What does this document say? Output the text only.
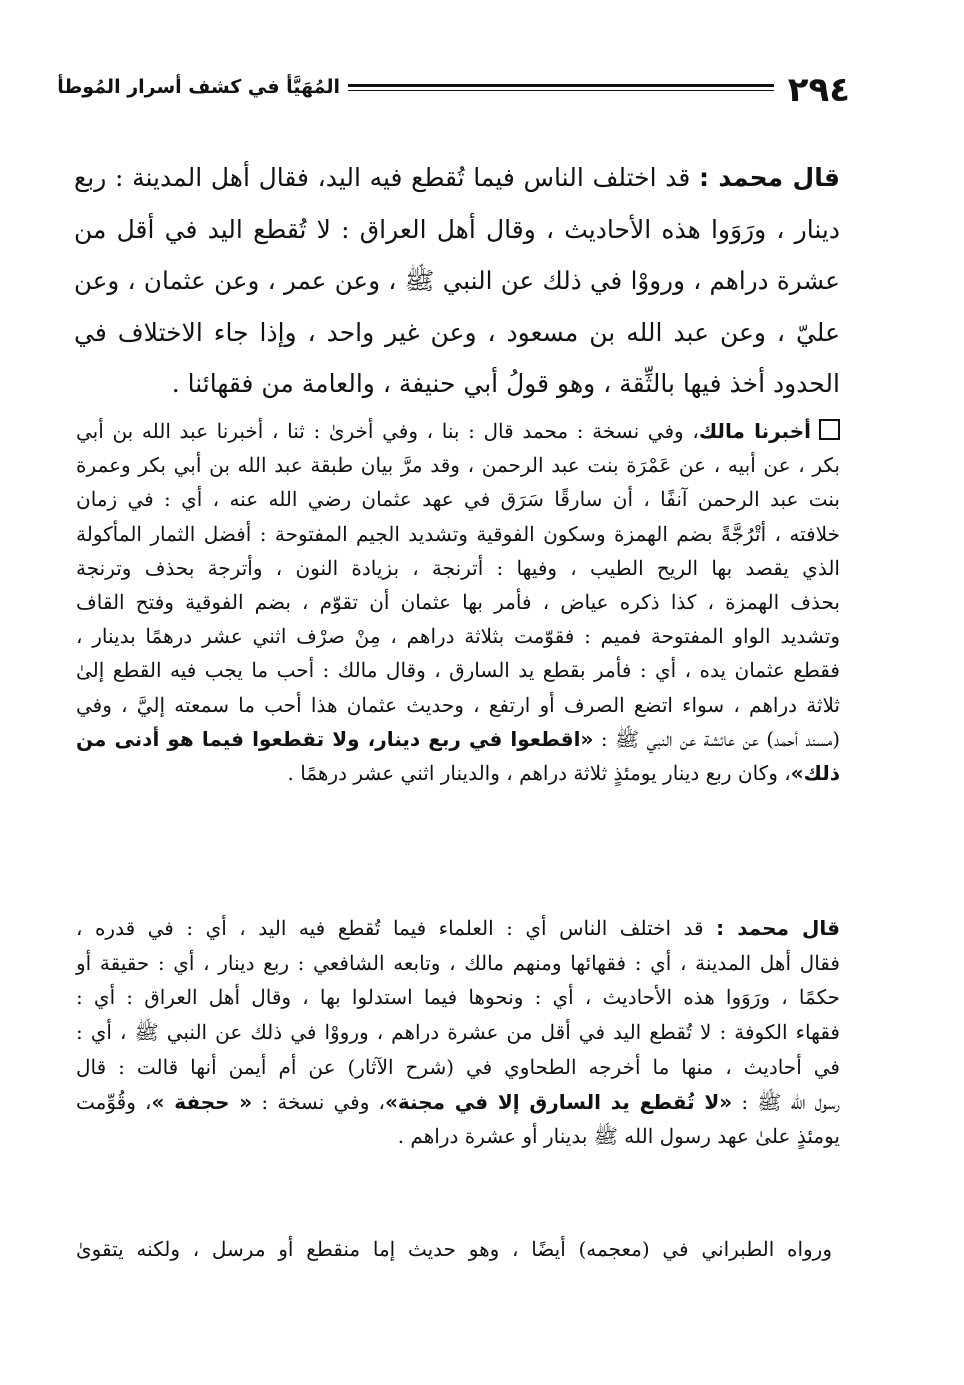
٢٩٤
المُهَيَّأ في كشف أسرار المُوطأ
قال محمد : قد اختلف الناس فيما تُقطع فيه اليد، فقال أهل المدينة : ربع
دينار ، ورَوَوا هذه الأحاديث ، وقال أهل العراق : لا تُقطع اليد في أقل من
عشرة دراهم ، ورووْا في ذلك عن النبي ﷺ ، وعن عمر ، وعن عثمان ، وعن
عليّ ، وعن عبد الله بن مسعود ، وعن غير واحد ، وإذا جاء الاختلاف في
الحدود أخذ فيها بالثِّقة ، وهو قولُ أبي حنيفة ، والعامة من فقهائنا .
أخبرنا مالك، وفي نسخة : محمد قال : بنا ، وفي أخرىٰ : ثنا ، أخبرنا عبد الله بن أبي
بكر ، عن أبيه ، عن عَمْرَة بنت عبد الرحمن ، وقد مرَّ بيان طبقة عبد الله بن أبي بكر وعمرة
بنت عبد الرحمن آنفًا ، أن سارقًا سَرَق في عهد عثمان رضي الله عنه ، أي : في زمان
خلافته ، أتْرُجَّةً بضم الهمزة وسكون الفوقية وتشديد الجيم المفتوحة : أفضل الثمار المأكولة
الذي يقصد بها الريح الطيب ، وفيها : أترنجة ، بزيادة النون ، وأترجة بحذف وترنجة
بحذف الهمزة ، كذا ذكره عياض ، فأمر بها عثمان أن تقوّم ، بضم الفوقية وفتح القاف
وتشديد الواو المفتوحة فميم : فقوّمت بثلاثة دراهم ، مِنْ صرْف اثني عشر درهمًا بدينار ،
فقطع عثمان يده ، أي : فأمر بقطع يد السارق ، وقال مالك : أحب ما يجب فيه القطع إلىٰ
ثلاثة دراهم ، سواء اتضع الصرف أو ارتفع ، وحديث عثمان هذا أحب ما سمعته إليَّ ، وفي
(مسند أحمد) عن عائشة عن النبي ﷺ : «اقطعوا في ربع دينار، ولا تقطعوا فيما هو أدنى من
ذلك»، وكان ربع دينار يومئذٍ ثلاثة دراهم ، والدينار اثني عشر درهمًا .
قال محمد : قد اختلف الناس أي : العلماء فيما تُقطع فيه اليد ، أي : في قدره ،
فقال أهل المدينة ، أي : فقهائها ومنهم مالك ، وتابعه الشافعي : ربع دينار ، أي : حقيقة أو
حكمًا ، ورَوَوا هذه الأحاديث ، أي : ونحوها فيما استدلوا بها ، وقال أهل العراق : أي :
فقهاء الكوفة : لا تُقطع اليد في أقل من عشرة دراهم ، ورووْا في ذلك عن النبي ﷺ ، أي :
في أحاديث ، منها ما أخرجه الطحاوي في (شرح الآثار) عن أم أيمن أنها قالت : قال
رسول الله ﷺ : «لا تُقطع يد السارق إلا في مجنة»، وفي نسخة : « حجفة »، وقُوِّمت
يومئذٍ علىٰ عهد رسول الله ﷺ بدينار أو عشرة دراهم .
ورواه الطبراني في (معجمه) أيضًا ، وهو حديث إما منقطع أو مرسل ، ولكنه يتقوىٰ
